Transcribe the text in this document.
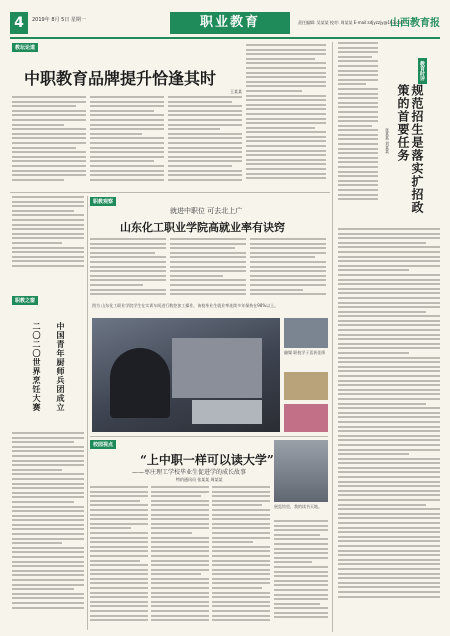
4	2019年 8月 5日 星期一	职业教育	责任编辑: 吴某某 校对: 周某某 E-mail:sdjyzzjy@163.com
山西教育报
教坛论道
中职教育品牌提升恰逢其时
王某某
职教之窗
中国青年厨师兵团成立
二〇二〇世界烹饪大赛
职教观察
就进中职位 可去北上广
山东化工职业学院高就业率有诀窍
图为 山东化工职业学院学生在实训车间进行数控加工操作，该校毕业生就业率连续多年保持在98%以上。
融媒 职校学子喜获佳绩
校园视点
“上中职一样可以读大学”
——枣庄理工学校毕业生促进学的成长故事
特约通讯员 张某某 周某某
展览馆里，我的读书天地。
教育时评
规范招生是落实扩招政策的首要任务
张某某 刘某某
